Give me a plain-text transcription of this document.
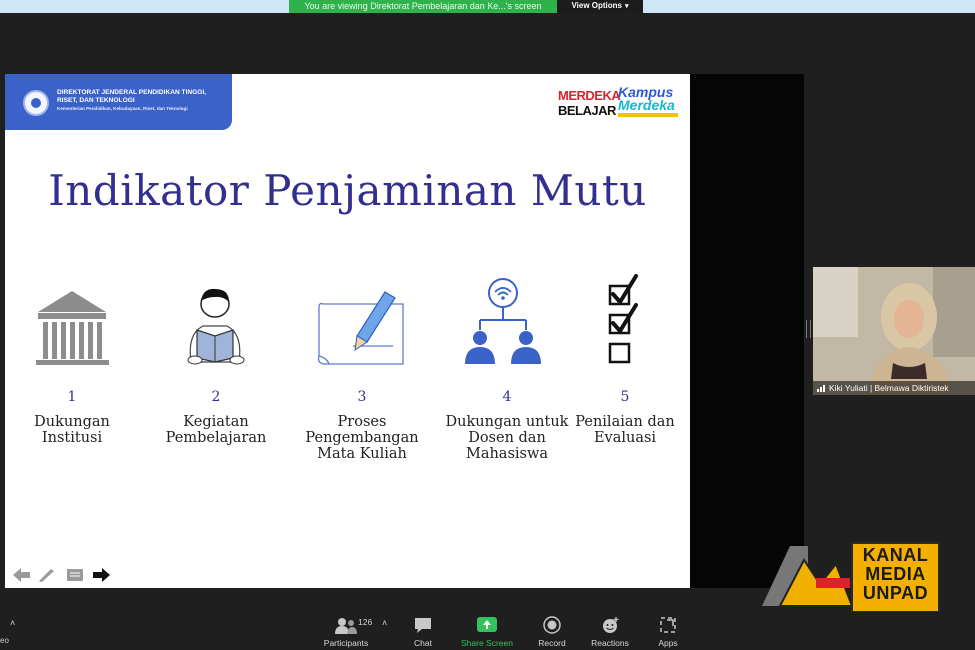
You are viewing Direktorat Pembelajaran dan Ke...'s screen	View Options ▾
DIREKTORAT JENDERAL PENDIDIKAN TINGGI,
RISET, DAN TEKNOLOGI
Kementerian Pendidikan, Kebudayaan, Riset, dan Teknologi
MERDEKA
BELAJAR
Kampus
Merdeka
Indikator Penjaminan Mutu
1
Dukungan Institusi
2
Kegiatan Pembelajaran
3
Proses Pengembangan Mata Kuliah
4
Dukungan untuk Dosen dan Mahasiswa
5
Penilaian dan Evaluasi

Kiki Yuliati | Belmawa Diktiristek
KANAL
MEDIA
UNPAD
eo
˄
Participants
126 ˄
Chat	Share Screen	Record	Reactions	Apps
